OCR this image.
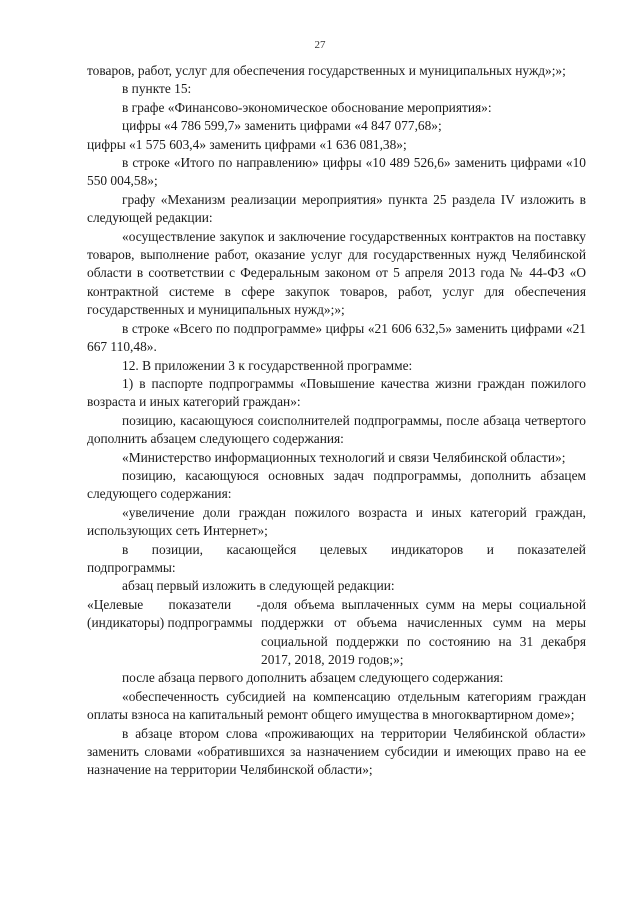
27

товаров, работ, услуг для обеспечения государственных и муниципальных нужд»;»;

в пункте 15:

в графе «Финансово-экономическое обоснование мероприятия»:

цифры «4 786 599,7» заменить цифрами «4 847 077,68»;

цифры «1 575 603,4» заменить цифрами «1 636 081,38»;

в строке «Итого по направлению» цифры «10 489 526,6» заменить цифрами «10 550 004,58»;

графу «Механизм реализации мероприятия» пункта 25 раздела IV изложить в следующей редакции:

«осуществление закупок и заключение государственных контрактов на поставку товаров, выполнение работ, оказание услуг для государственных нужд Челябинской области в соответствии с Федеральным законом от 5 апреля 2013 года № 44-ФЗ «О контрактной системе в сфере закупок товаров, работ, услуг для обеспечения государственных и муниципальных нужд»;»;

в строке «Всего по подпрограмме» цифры «21 606 632,5» заменить цифрами «21 667 110,48».

12. В приложении 3 к государственной программе:

1) в паспорте подпрограммы «Повышение качества жизни граждан пожилого возраста и иных категорий граждан»:

позицию, касающуюся соисполнителей подпрограммы, после абзаца четвертого дополнить абзацем следующего содержания:

«Министерство информационных технологий и связи Челябинской области»;

позицию, касающуюся основных задач подпрограммы, дополнить абзацем следующего содержания:

«увеличение доли граждан пожилого возраста и иных категорий граждан, использующих сеть Интернет»;

в позиции, касающейся целевых индикаторов и показателей

подпрограммы:

абзац первый изложить в следующей редакции:

«Целевые показатели - (индикаторы) подпрограммы

доля объема выплаченных сумм на меры социальной поддержки от объема начисленных сумм на меры социальной поддержки по состоянию на 31 декабря 2017, 2018, 2019 годов;»;

после абзаца первого дополнить абзацем следующего содержания:

«обеспеченность субсидией на компенсацию отдельным категориям граждан оплаты взноса на капитальный ремонт общего имущества в многоквартирном доме»;

в абзаце втором слова «проживающих на территории Челябинской области» заменить словами «обратившихся за назначением субсидии и имеющих право на ее назначение на территории Челябинской области»;
